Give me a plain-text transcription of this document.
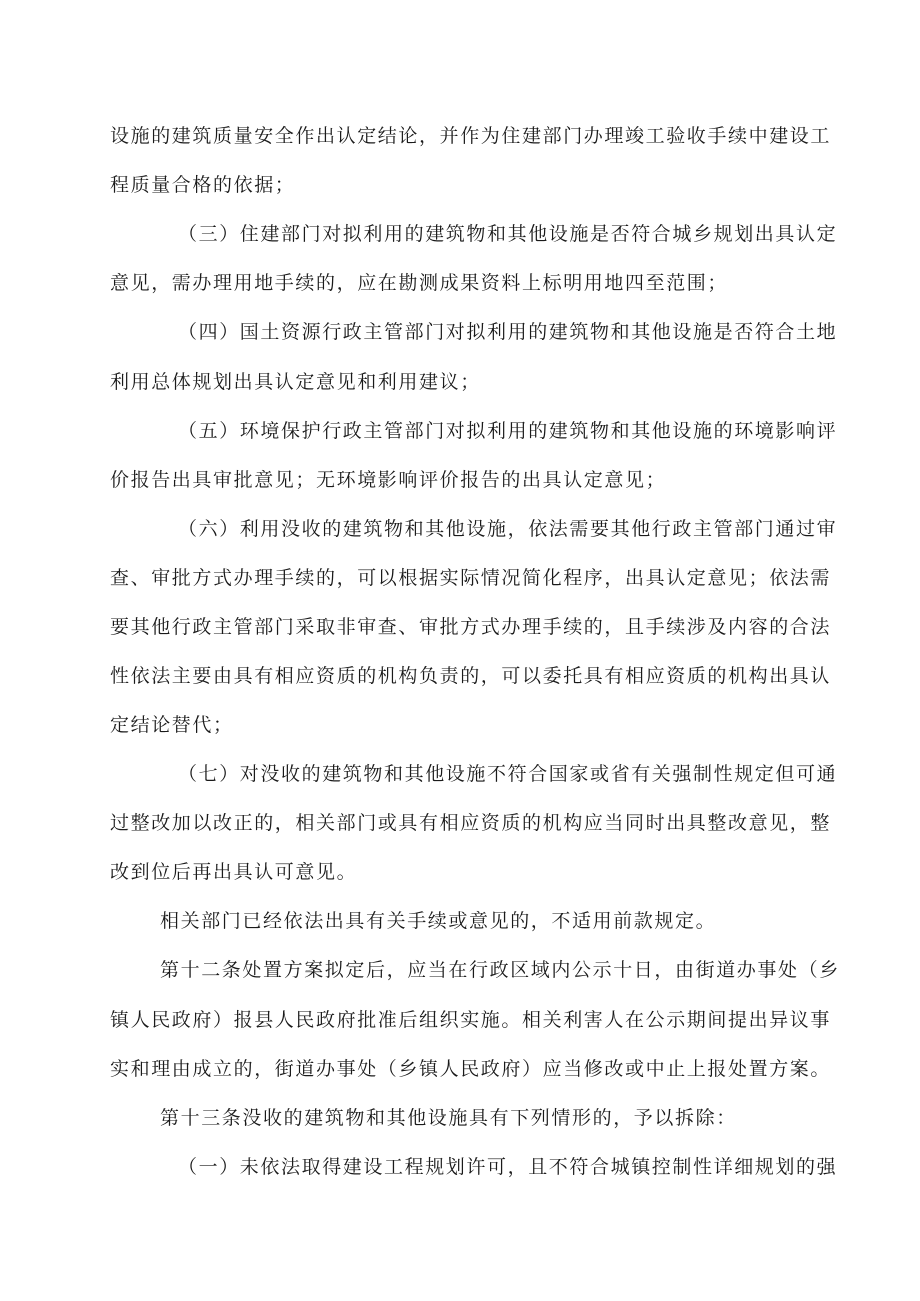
设施的建筑质量安全作出认定结论，并作为住建部门办理竣工验收手续中建设工
程质量合格的依据；
（三）住建部门对拟利用的建筑物和其他设施是否符合城乡规划出具认定
意见，需办理用地手续的，应在勘测成果资料上标明用地四至范围；
（四）国土资源行政主管部门对拟利用的建筑物和其他设施是否符合土地
利用总体规划出具认定意见和利用建议；
（五）环境保护行政主管部门对拟利用的建筑物和其他设施的环境影响评
价报告出具审批意见；无环境影响评价报告的出具认定意见；
（六）利用没收的建筑物和其他设施，依法需要其他行政主管部门通过审
查、审批方式办理手续的，可以根据实际情况简化程序，出具认定意见；依法需
要其他行政主管部门采取非审查、审批方式办理手续的，且手续涉及内容的合法
性依法主要由具有相应资质的机构负责的，可以委托具有相应资质的机构出具认
定结论替代；
（七）对没收的建筑物和其他设施不符合国家或省有关强制性规定但可通
过整改加以改正的，相关部门或具有相应资质的机构应当同时出具整改意见，整
改到位后再出具认可意见。
相关部门已经依法出具有关手续或意见的，不适用前款规定。
第十二条处置方案拟定后，应当在行政区域内公示十日，由街道办事处（乡
镇人民政府）报县人民政府批准后组织实施。相关利害人在公示期间提出异议事
实和理由成立的，街道办事处（乡镇人民政府）应当修改或中止上报处置方案。
第十三条没收的建筑物和其他设施具有下列情形的，予以拆除：
（一）未依法取得建设工程规划许可，且不符合城镇控制性详细规划的强
